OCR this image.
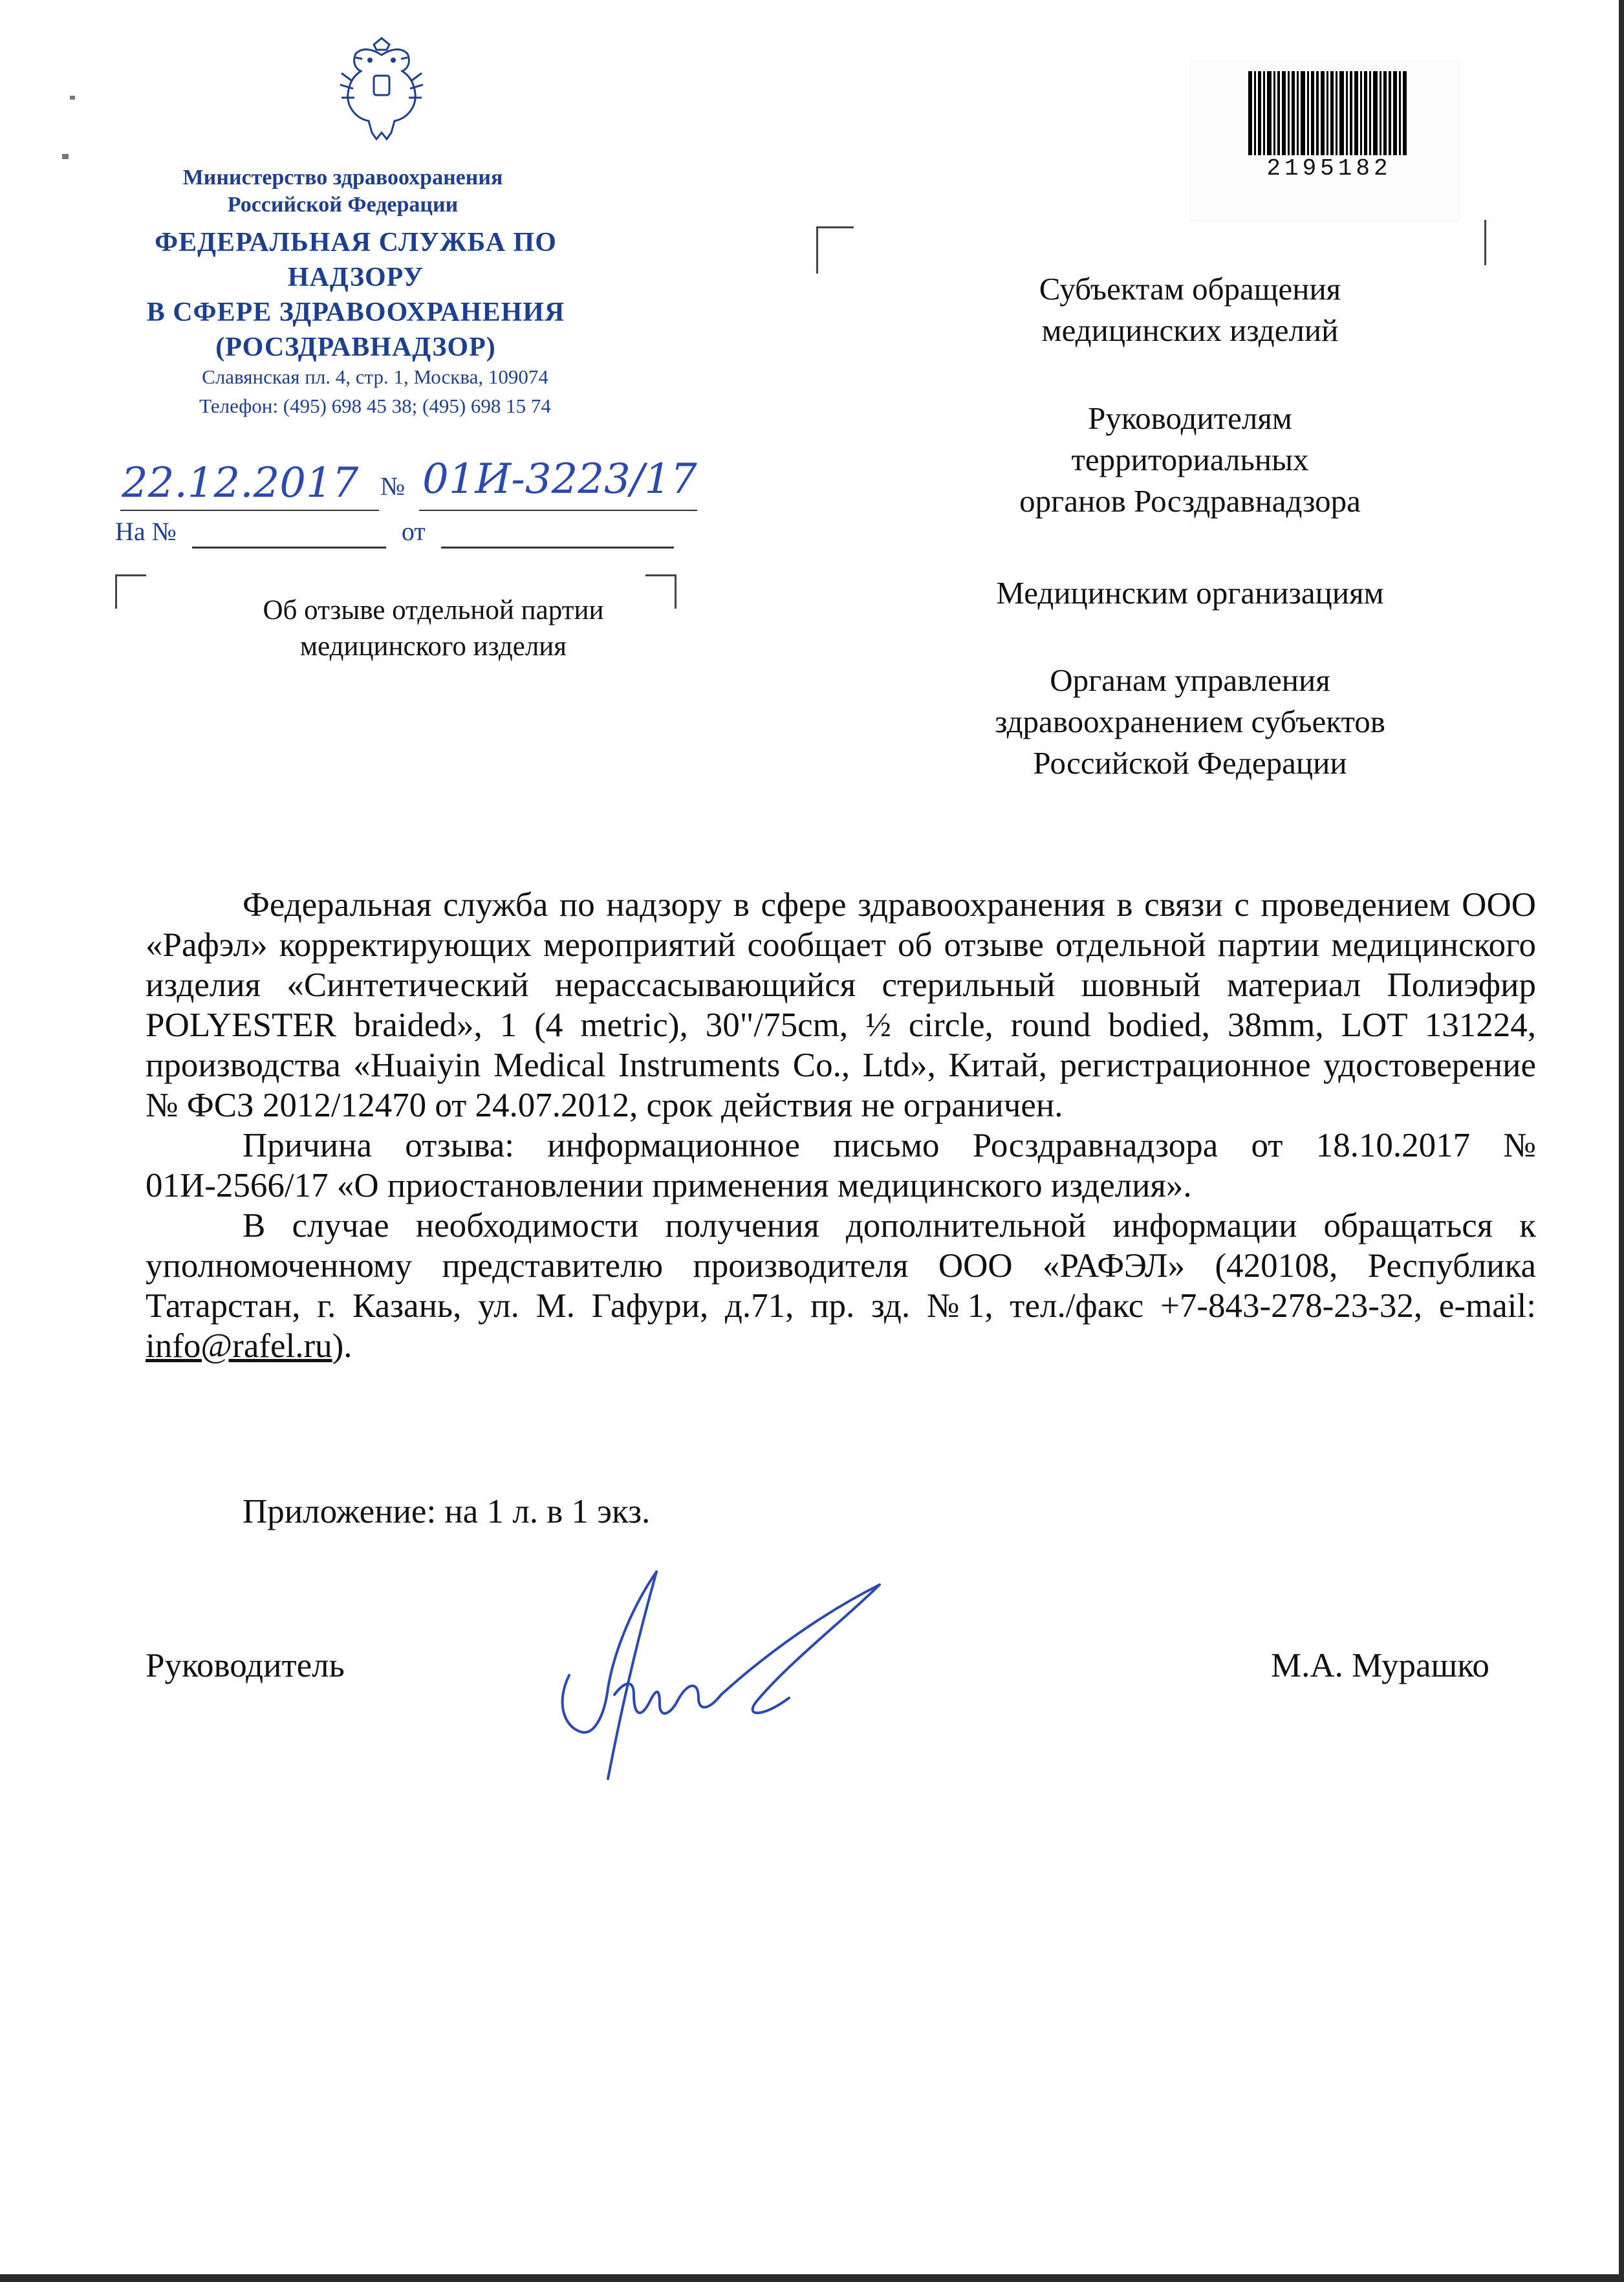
Министерство здравоохранения
Российской Федерации
ФЕДЕРАЛЬНАЯ СЛУЖБА ПО НАДЗОРУ
В СФЕРЕ ЗДРАВООХРАНЕНИЯ
(РОСЗДРАВНАДЗОР)
Славянская пл. 4, стр. 1, Москва, 109074
Телефон: (495) 698 45 38; (495) 698 15 74
22.12.2017 № 01И-3223/17
На №	от
Об отзыве отдельной партии
медицинского изделия
2195182
Субъектам обращения
медицинских изделий
Руководителям
территориальных
органов Росздравнадзора
Медицинским организациям
Органам управления
здравоохранением субъектов
Российской Федерации

Федеральная служба по надзору в сфере здравоохранения в связи с проведением ООО «Рафэл» корректирующих мероприятий сообщает об отзыве отдельной партии медицинского изделия «Синтетический нерассасывающийся стерильный шовный материал Полиэфир POLYESTER braided», 1 (4 metric), 30"/75cm, ½ circle, round bodied, 38mm, LOT 131224, производства «Huaiyin Medical Instruments Co., Ltd», Китай, регистрационное удостоверение № ФСЗ 2012/12470 от 24.07.2012, срок действия не ограничен.

Причина отзыва: информационное письмо Росздравнадзора от 18.10.2017 № 01И-2566/17 «О приостановлении применения медицинского изделия».

В случае необходимости получения дополнительной информации обращаться к уполномоченному представителю производителя ООО «РАФЭЛ» (420108, Республика Татарстан, г. Казань, ул. М. Гафури, д.71, пр. зд. №1, тел./факс +7-843-278-23-32, e-mail: info@rafel.ru).

Приложение: на 1 л. в 1 экз.

Руководитель	М.А. Мурашко
